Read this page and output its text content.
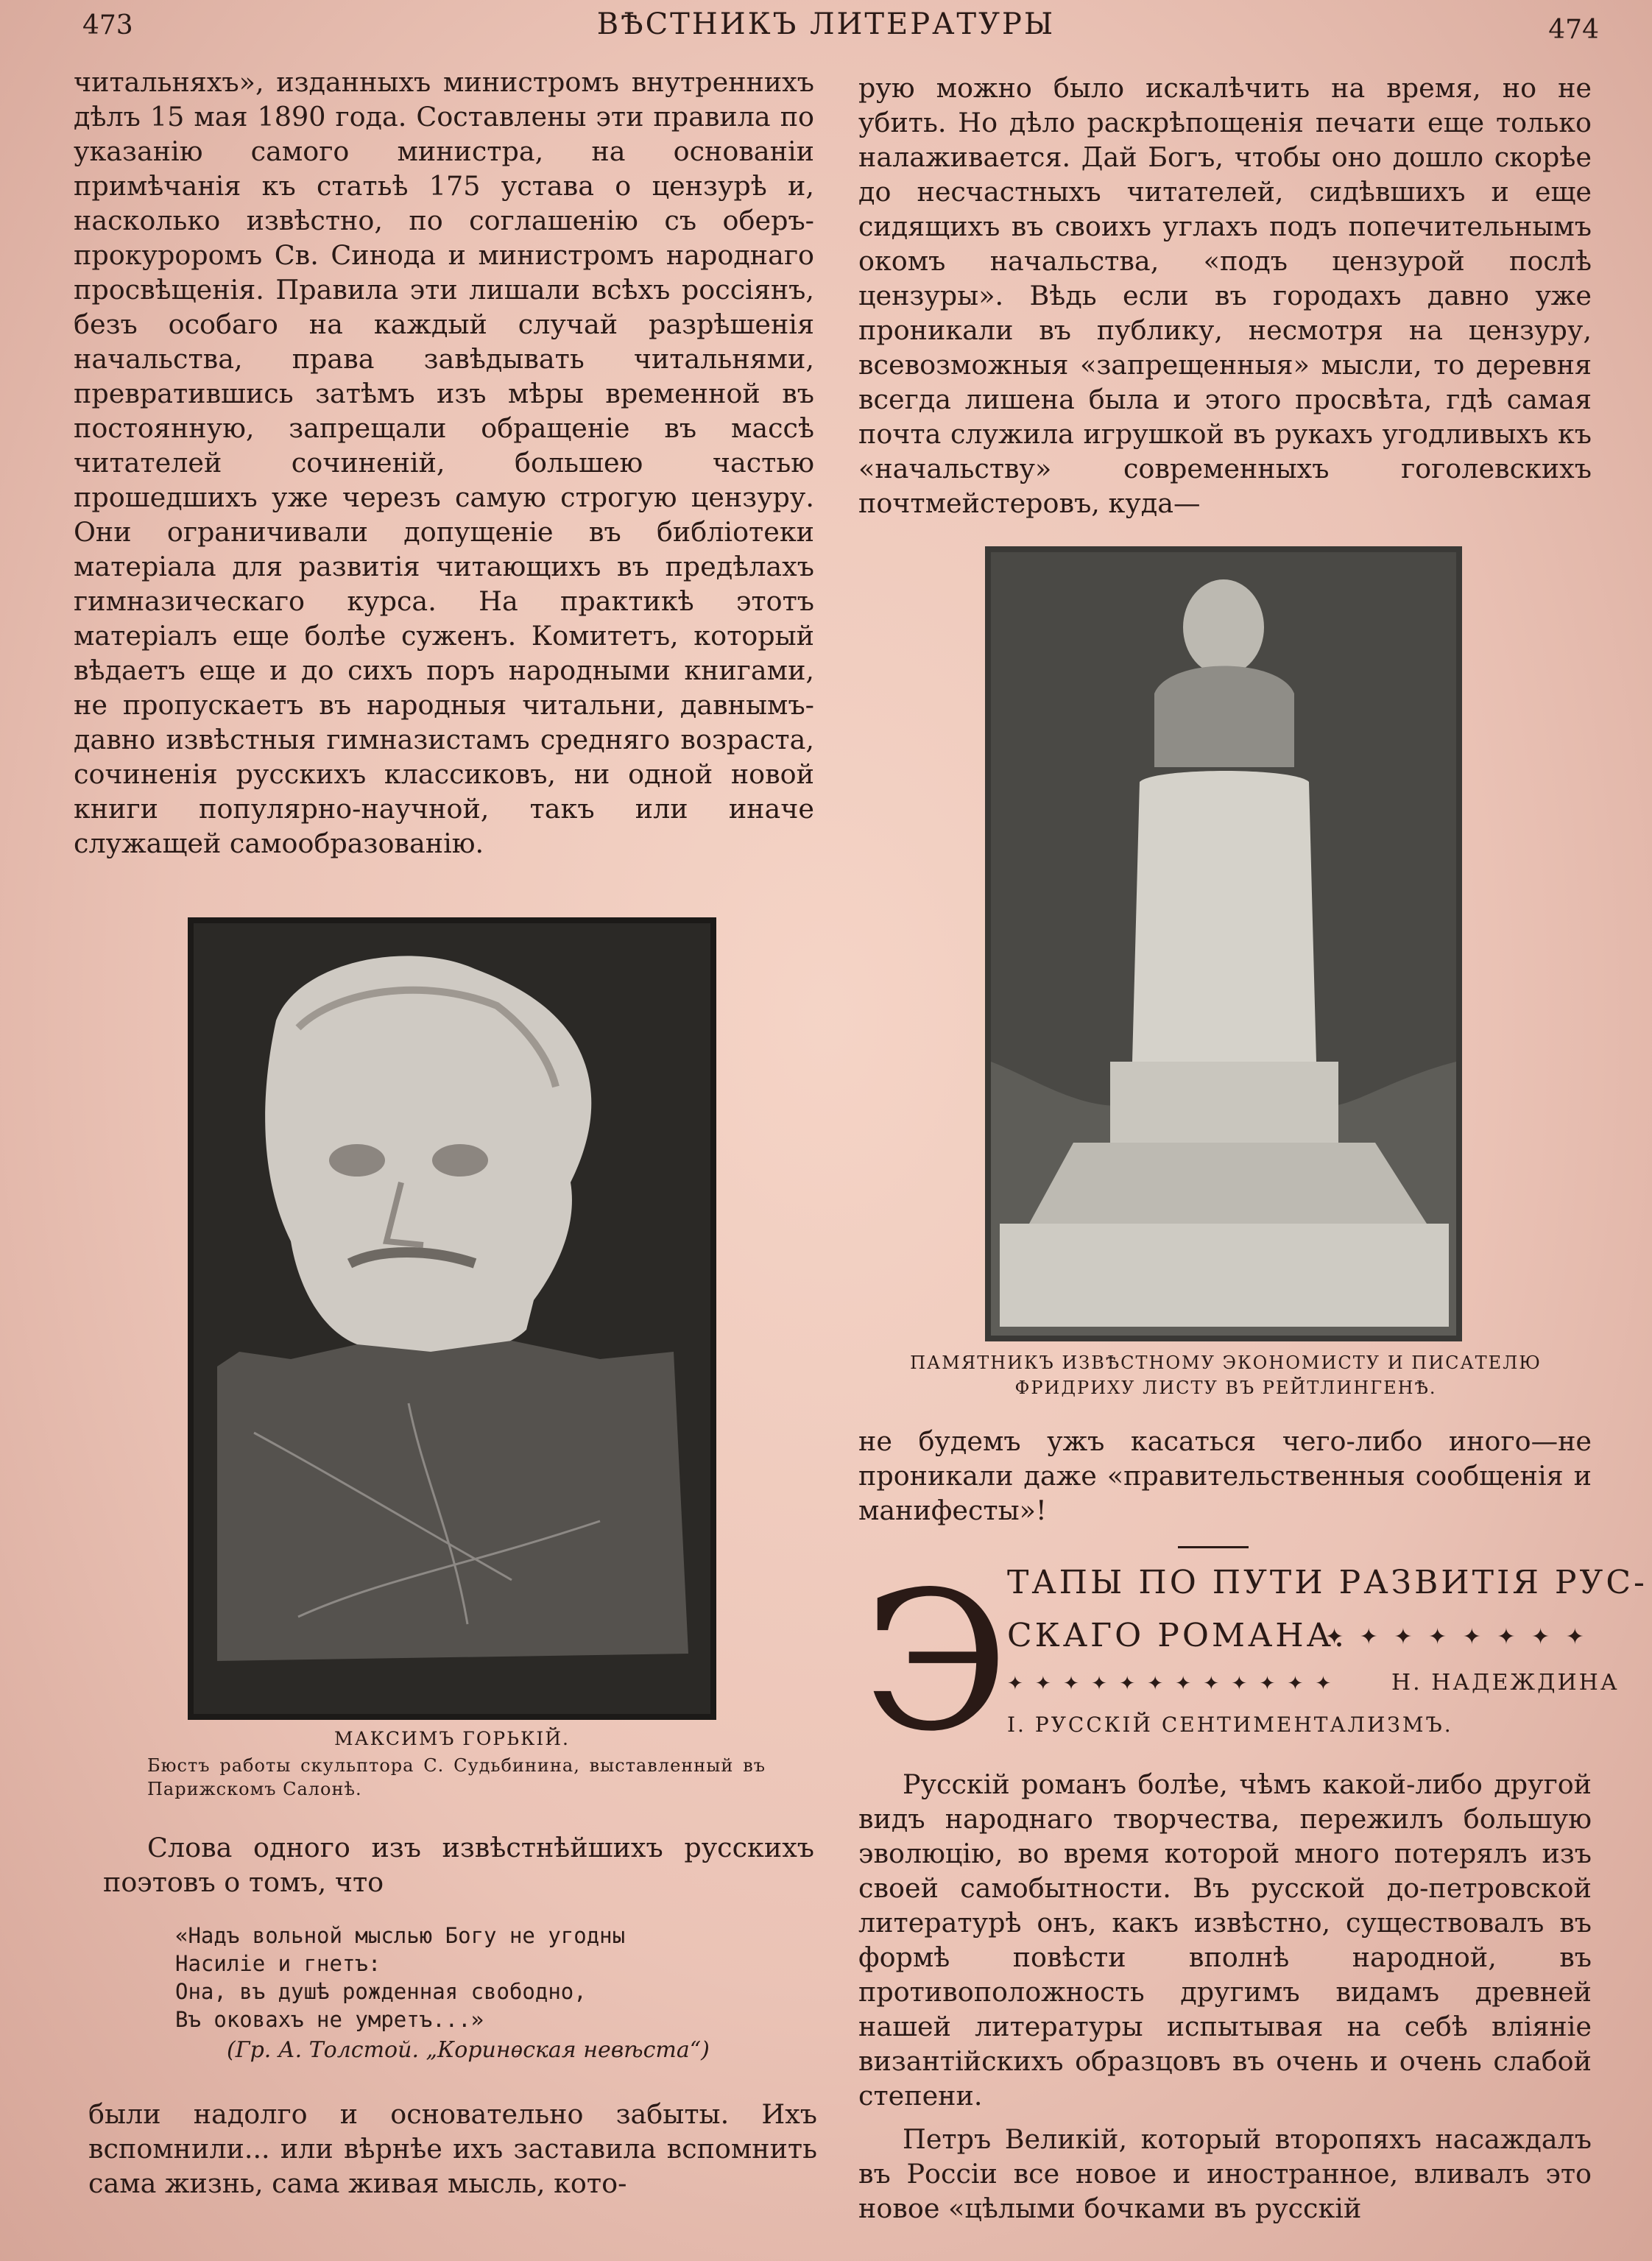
473	ВѢСТНИКЪ ЛИТЕРАТУРЫ	474

читальняхъ», изданныхъ министромъ внутреннихъ дѣлъ 15 мая 1890 года. Составлены эти правила по указанію самого министра, на основаніи примѣчанія къ статьѣ 175 устава о цензурѣ и, насколько извѣстно, по соглашенію съ оберъ-прокуроромъ Св. Синода и министромъ народнаго просвѣщенія. Правила эти лишали всѣхъ россіянъ, безъ особаго на каждый случай разрѣшенія начальства, права завѣдывать читальнями, превратившись затѣмъ изъ мѣры временной въ постоянную, запрещали обращеніе въ массѣ читателей сочиненій, большею частью прошедшихъ уже черезъ самую строгую цензуру. Они ограничивали допущеніе въ библіотеки матеріала для развитія читающихъ въ предѣлахъ гимназическаго курса. На практикѣ этотъ матеріалъ еще болѣе суженъ. Комитетъ, который вѣдаетъ еще и до сихъ поръ народными книгами, не пропускаетъ въ народныя читальни, давнымъ-давно извѣстныя гимназистамъ средняго возраста, сочиненія русскихъ классиковъ, ни одной новой книги популярно-научной, такъ или иначе служащей самообразованію.

МАКСИМЪ ГОРЬКІЙ.
Бюстъ работы скульптора С. Судьбинина, выставленный въ Парижскомъ Салонѣ.

Слова одного изъ извѣстнѣйшихъ русскихъ поэтовъ о томъ, что

«Надъ вольной мыслью Богу не угодны
Насиліе и гнетъ:
Она, въ душѣ рожденная свободно,
Въ оковахъ не умретъ...»
(Гр. А. Толстой. „Коринѳская невѣста“)

были надолго и основательно забыты. Ихъ вспомнили... или вѣрнѣе ихъ заставила вспомнить сама жизнь, сама живая мысль, кото-

рую можно было искалѣчить на время, но не убить. Но дѣло раскрѣпощенія печати еще только налаживается. Дай Богъ, чтобы оно дошло скорѣе до несчастныхъ читателей, сидѣвшихъ и еще сидящихъ въ своихъ углахъ подъ попечительнымъ окомъ начальства, «подъ цензурой послѣ цензуры». Вѣдь если въ городахъ давно уже проникали въ публику, несмотря на цензуру, всевозможныя «запрещенныя» мысли, то деревня всегда лишена была и этого просвѣта, гдѣ самая почта служила игрушкой въ рукахъ угодливыхъ къ «начальству» современныхъ гоголевскихъ почтмейстеровъ, куда—

ПАМЯТНИКЪ ИЗВѢСТНОМУ ЭКОНОМИСТУ И ПИСАТЕЛЮ ФРИДРИХУ ЛИСТУ ВЪ РЕЙТЛИНГЕНѢ.

не будемъ ужъ касаться чего-либо иного—не проникали даже «правительственныя сообщенія и манифесты»!

Э
ТАПЫ ПО ПУТИ РАЗВИТІЯ РУС-
СКАГО РОМАНА.
✦ ✦ ✦ ✦ ✦ ✦ ✦ ✦
✦ ✦ ✦ ✦ ✦ ✦ ✦ ✦ ✦ ✦ ✦ ✦	Н. НАДЕЖДИНА
I. РУССКІЙ СЕНТИМЕНТАЛИЗМЪ.

Русскій романъ болѣе, чѣмъ какой-либо другой видъ народнаго творчества, пережилъ большую эволюцію, во время которой много потерялъ изъ своей самобытности. Въ русской до-петровской литературѣ онъ, какъ извѣстно, существовалъ въ формѣ повѣсти вполнѣ народной, въ противоположность другимъ видамъ древней нашей литературы испытывая на себѣ вліяніе византійскихъ образцовъ въ очень и очень слабой степени.

Петръ Великій, который второпяхъ насаждалъ въ Россіи все новое и иностранное, вливалъ это новое «цѣлыми бочками въ русскій
